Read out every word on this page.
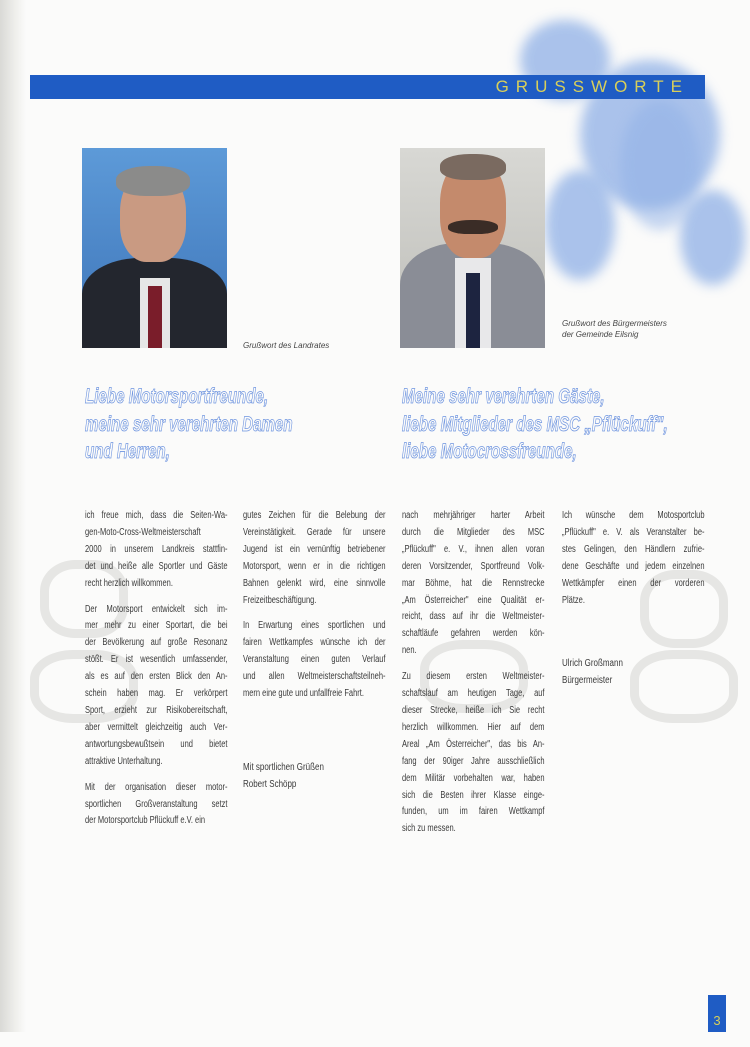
GRUSSWORTE
Grußwort des Landrates
Grußwort des Bürgermeisters
der Gemeinde Eilsnig
Liebe Motorsportfreunde,
meine sehr verehrten Damen
und Herren,
Meine sehr verehrten Gäste,
liebe Mitglieder des MSC „Pflückuff",
liebe Motocrossfreunde,

ich freue mich, dass die Seiten-Wa-
gen-Moto-Cross-Weltmeisterschaft
2000 in unserem Landkreis stattfin-
det und heiße alle Sportler und Gäste
recht herzlich willkommen.

Der Motorsport entwickelt sich im-
mer mehr zu einer Sportart, die bei
der Bevölkerung auf große Resonanz
stößt. Er ist wesentlich umfassender,
als es auf den ersten Blick den An-
schein haben mag. Er verkörpert
Sport, erzieht zur Risikobereitschaft,
aber vermittelt gleichzeitig auch Ver-
antwortungsbewußtsein und bietet
attraktive Unterhaltung.

Mit der organisation dieser motor-
sportlichen Großveranstaltung setzt
der Motorsportclub Pflückuff e.V. ein

gutes Zeichen für die Belebung der
Vereinstätigkeit. Gerade für unsere
Jugend ist ein vernünftig betriebener
Motorsport, wenn er in die richtigen
Bahnen gelenkt wird, eine sinnvolle
Freizeitbeschäftigung.

In Erwartung eines sportlichen und
fairen Wettkampfes wünsche ich der
Veranstaltung einen guten Verlauf
und allen Weltmeisterschaftsteilneh-
mern eine gute und unfallfreie Fahrt.

nach mehrjähriger harter Arbeit
durch die Mitglieder des MSC
„Pflückuff" e. V., ihnen allen voran
deren Vorsitzender, Sportfreund Volk-
mar Böhme, hat die Rennstrecke
„Am Österreicher" eine Qualität er-
reicht, dass auf ihr die Weltmeister-
schaftläufe gefahren werden kön-
nen.

Zu diesem ersten Weltmeister-
schaftslauf am heutigen Tage, auf
dieser Strecke, heiße ich Sie recht
herzlich willkommen. Hier auf dem
Areal „Am Österreicher", das bis An-
fang der 90iger Jahre ausschließlich
dem Militär vorbehalten war, haben
sich die Besten ihrer Klasse einge-
funden, um im fairen Wettkampf
sich zu messen.

Ich wünsche dem Motosportclub
„Pflückuff" e. V. als Veranstalter be-
stes Gelingen, den Händlern zufrie-
dene Geschäfte und jedem einzelnen
Wettkämpfer einen der vorderen
Plätze.

Mit sportlichen Grüßen
Robert Schöpp
Ulrich Großmann
Bürgermeister
3
